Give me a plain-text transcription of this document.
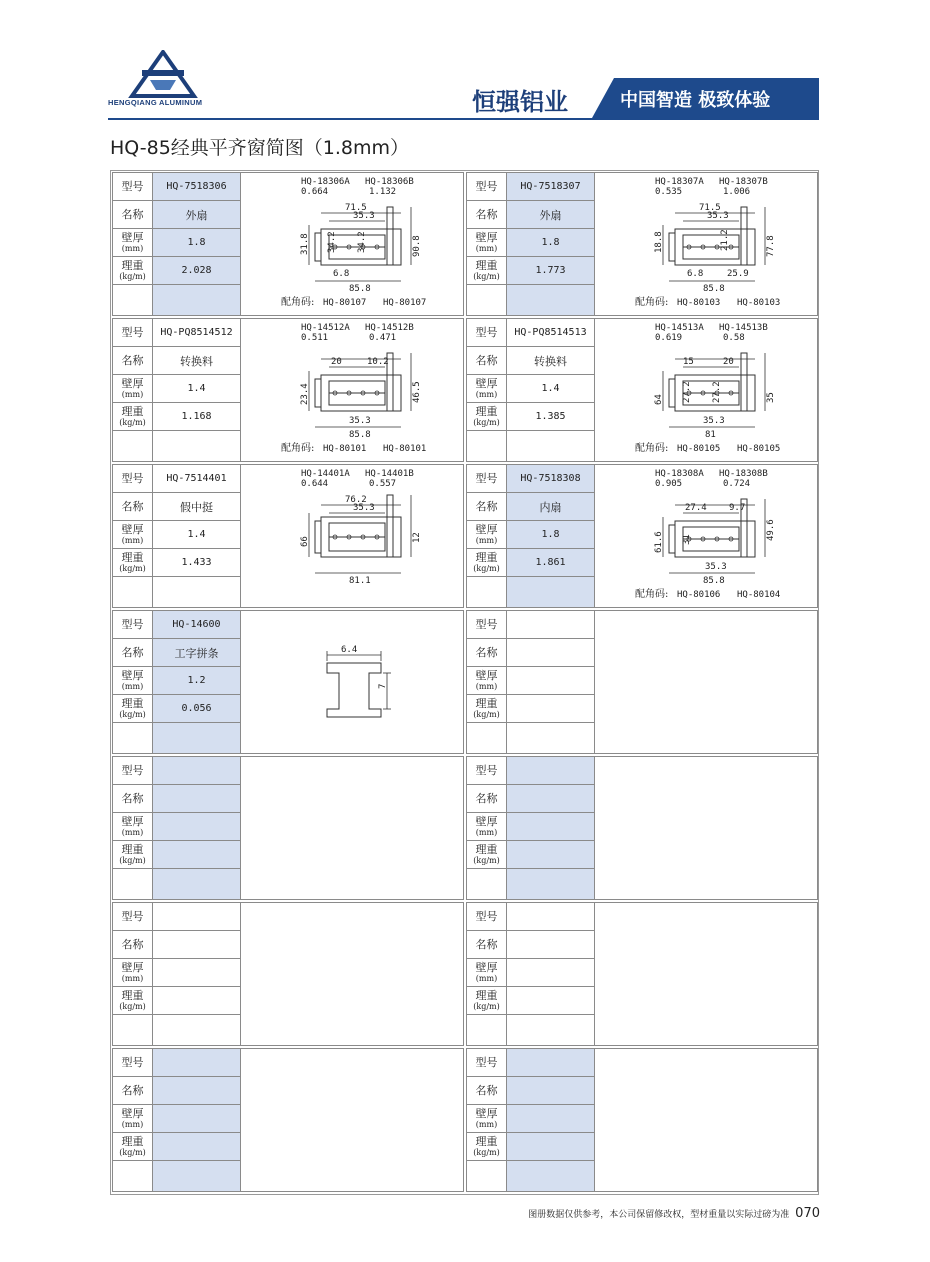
HENGQIANG ALUMINUM	恒强铝业	中国智造 极致体验
HQ-85经典平齐窗简图（1.8mm）
型号	HQ-7518306
名称	外扇
壁厚
(mm)
1.8
理重
(kg/m)
2.028
HQ-18306A HQ-18306B
0.664	1.132
配角码: HQ-80107 HQ-80107
71.5
35.3
31.8 34.2 34.2	90.8
6.8
85.8
型号	HQ-7518307
名称	外扇
壁厚
(mm)
1.8
理重
(kg/m)
1.773
HQ-18307A HQ-18307B
0.535	1.006
配角码: HQ-80103 HQ-80103
71.5
35.3
18.8	21.2	77.8
6.8	25.9
85.8
型号	HQ-PQ8514512
名称	转换料
壁厚
(mm)
1.4
理重
(kg/m)
1.168
HQ-14512A HQ-14512B
0.511	0.471
配角码: HQ-80101 HQ-80101
20	10.2
23.4	46.5
35.3
85.8
型号	HQ-PQ8514513
名称	转换料
壁厚
(mm)
1.4
理重
(kg/m)
1.385
HQ-14513A HQ-14513B
0.619	0.58
配角码: HQ-80105 HQ-80105
15	20
64 27.2 27.2	35
35.3
81
型号	HQ-7514401
名称	假中挺
壁厚
(mm)
1.4
理重
(kg/m)
1.433
HQ-14401A HQ-14401B
0.644	0.557
76.2
35.3
66	12
81.1
型号	HQ-7518308
名称	内扇
壁厚
(mm)
1.8
理重
(kg/m)
1.861
HQ-18308A HQ-18308B
0.905	0.724
配角码: HQ-80106 HQ-80104
27.4 9.7
49.6
61.6 31
35.3
85.8
型号	HQ-14600
名称	工字拼条
壁厚
(mm)
1.2
理重
(kg/m)
0.056
6.4
7
型号
名称
壁厚
(mm)
理重
(kg/m)
型号
名称
壁厚
(mm)
理重
(kg/m)
型号
名称
壁厚
(mm)
理重
(kg/m)
型号
名称
壁厚
(mm)
理重
(kg/m)
型号
名称
壁厚
(mm)
理重
(kg/m)
型号
名称
壁厚
(mm)
理重
(kg/m)
型号
名称
壁厚
(mm)
理重
(kg/m)
图册数据仅供参考，本公司保留修改权，型材重量以实际过磅为准 070
